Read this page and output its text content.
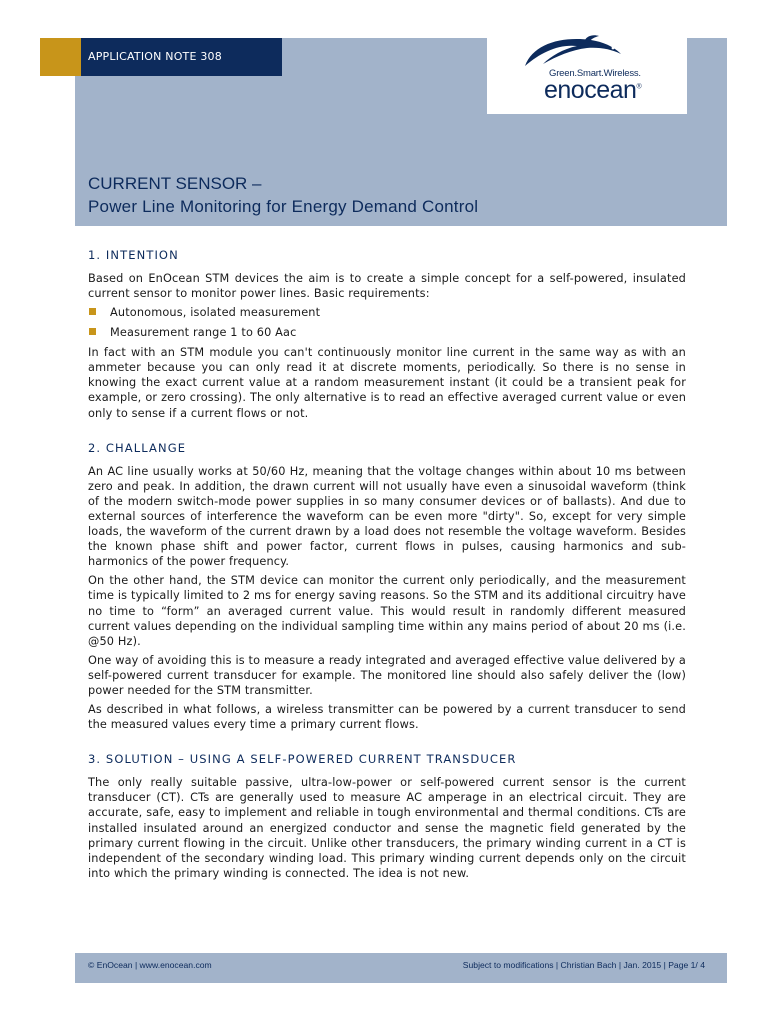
APPLICATION NOTE 308
Green.Smart.Wireless.
enocean®
CURRENT SENSOR –
Power Line Monitoring for Energy Demand Control
1. INTENTION

Based on EnOcean STM devices the aim is to create a simple concept for a self-powered, insulated current sensor to monitor power lines. Basic requirements:

Autonomous, isolated measurement
Measurement range 1 to 60 Aac

In fact with an STM module you can't continuously monitor line current in the same way as with an ammeter because you can only read it at discrete moments, periodically. So there is no sense in knowing the exact current value at a random measurement instant (it could be a transient peak for example, or zero crossing). The only alternative is to read an effective averaged current value or even only to sense if a current flows or not.

2. CHALLANGE

An AC line usually works at 50/60 Hz, meaning that the voltage changes within about 10 ms between zero and peak. In addition, the drawn current will not usually have even a sinusoidal waveform (think of the modern switch-mode power supplies in so many consumer devices or of ballasts). And due to external sources of interference the waveform can be even more "dirty". So, except for very simple loads, the waveform of the current drawn by a load does not resemble the voltage waveform. Besides the known phase shift and power factor, current flows in pulses, causing harmonics and sub-harmonics of the power frequency.

On the other hand, the STM device can monitor the current only periodically, and the measurement time is typically limited to 2 ms for energy saving reasons. So the STM and its additional circuitry have no time to “form” an averaged current value. This would result in randomly different measured current values depending on the individual sampling time within any mains period of about 20 ms (i.e. @50 Hz).

One way of avoiding this is to measure a ready integrated and averaged effective value delivered by a self-powered current transducer for example. The monitored line should also safely deliver the (low) power needed for the STM transmitter.

As described in what follows, a wireless transmitter can be powered by a current transducer to send the measured values every time a primary current flows.

3. SOLUTION – USING A SELF-POWERED CURRENT TRANSDUCER

The only really suitable passive, ultra-low-power or self-powered current sensor is the current transducer (CT). CTs are generally used to measure AC amperage in an electrical circuit. They are accurate, safe, easy to implement and reliable in tough environmental and thermal conditions. CTs are installed insulated around an energized conductor and sense the magnetic field generated by the primary current flowing in the circuit. Unlike other transducers, the primary winding current in a CT is independent of the secondary winding load. This primary winding current depends only on the circuit into which the primary winding is connected. The idea is not new.

© EnOcean | www.enocean.com	Subject to modifications | Christian Bach | Jan. 2015 | Page 1/ 4
